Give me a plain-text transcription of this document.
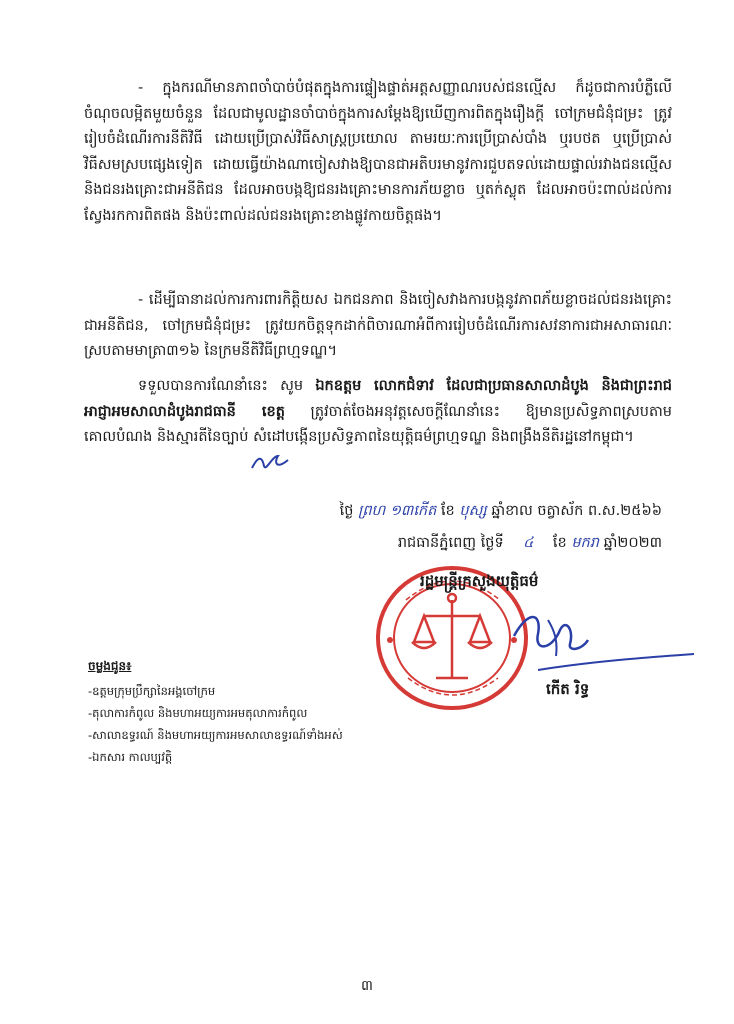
- ក្នុងករណីមានភាពចាំបាច់បំផុតក្នុងការផ្ទៀងផ្ទាត់អត្តសញ្ញាណរបស់ជនល្មើស ក៏ដូចជាការបំភ្លឺលើចំណុចលម្អិតមួយចំនួន ដែលជាមូលដ្ឋានចាំបាច់ក្នុងការសម្តែងឱ្យឃើញការពិតក្នុងរឿងក្តី ចៅក្រមជំនុំជម្រះ ត្រូវរៀបចំដំណើរការនីតិវិធី ដោយប្រើប្រាស់វិធីសាស្ត្រប្រយោល តាមរយៈការប្រើប្រាស់បាំង ឬរបថត ឬប្រើប្រាស់វិធីសមស្របផ្សេងទៀត ដោយធ្វើយ៉ាងណាចៀសវាងឱ្យបានជាអតិបរមានូវការជួបតទល់ដោយផ្ទាល់រវាងជនល្មើស និងជនរងគ្រោះជាអនីតិជន ដែលអាចបង្កឱ្យជនរងគ្រោះមានការភ័យខ្លាច ឬតក់ស្លុត ដែលអាចប៉ះពាល់ដល់ការស្វែងរកការពិតផង និងប៉ះពាល់ដល់ជនរងគ្រោះខាងផ្លូវកាយចិត្តផង។

- ដើម្បីធានាដល់ការការពារកិត្តិយស ឯកជនភាព និងចៀសវាងការបង្កនូវភាពភ័យខ្លាចដល់ជនរងគ្រោះជាអនីតិជន, ចៅក្រមជំនុំជម្រះ ត្រូវយកចិត្តទុកដាក់ពិចារណាអំពីការរៀបចំដំណើរការសវនាការជាអសាធារណៈ ស្របតាមមាត្រា៣១៦ នៃក្រមនីតិវិធីព្រហ្មទណ្ឌ។

ទទួលបានការណែនាំនេះ សូម ឯកឧត្តម លោកជំទាវ ដែលជាប្រធានសាលាដំបូង និងជាព្រះរាជអាជ្ញាអមសាលាដំបូងរាជធានី ខេត្ត ត្រូវចាត់ចែងអនុវត្តសេចក្តីណែនាំនេះ ឱ្យមានប្រសិទ្ធភាពស្របតាមគោលបំណង និងស្មារតីនៃច្បាប់ សំដៅបង្កើនប្រសិទ្ធភាពនៃយុត្តិធម៌ព្រហ្មទណ្ឌ និងពង្រឹងនីតិរដ្ឋនៅកម្ពុជា។

ថ្ងៃ ព្រហ ១៣កើត ខែ បុស្ស ឆ្នាំខាល ចត្វាស័ក ព.ស.២៥៦៦
រាជធានីភ្នំពេញ ថ្ងៃទី ៤ ខែ មករា ឆ្នាំ២០២៣
រដ្ឋមន្ត្រីក្រសួងយុត្តិធម៌
កើត រិទ្ធ
ចម្លងជូន៖
-ឧត្តមក្រុមប្រឹក្សានៃអង្គចៅក្រម
-តុលាការកំពូល និងមហាអយ្យការអមតុលាការកំពូល
-សាលាឧទ្ធរណ៍ និងមហាអយ្យការអមសាលាឧទ្ធរណ៍ទាំងអស់
-ឯកសារ កាលប្បវត្តិ
៣
